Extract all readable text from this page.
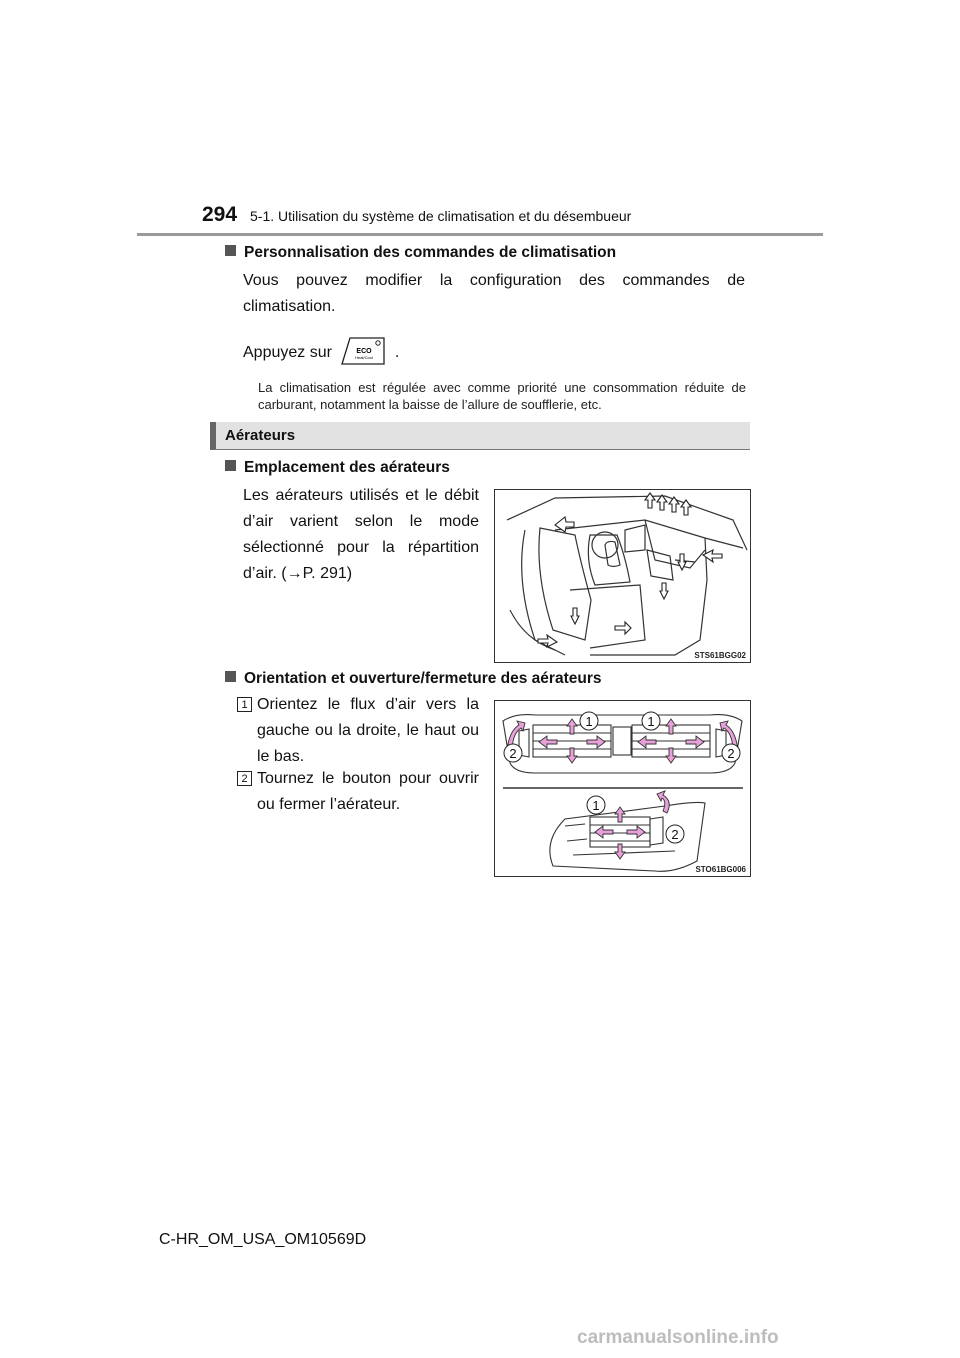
294 5-1. Utilisation du système de climatisation et du désembueur
Personnalisation des commandes de climatisation
Vous pouvez modifier la configuration des commandes de
climatisation.
Appuyez sur	ECO
Heat/Cool .
La climatisation est régulée avec comme priorité une consommation réduite de carburant, notamment la baisse de l’allure de soufflerie, etc.
Aérateurs
Emplacement des aérateurs
Les aérateurs utilisés et le débit d’air varient selon le mode sélectionné pour la répartition d’air. (→P. 291)
STS61BGG02
Orientation et ouverture/fermeture des aérateurs
1 Orientez le flux d’air vers la gauche ou la droite, le haut ou le bas.
2 Tournez le bouton pour ouvrir ou fermer l’aérateur.
1	1
2	2
1
2
STO61BG006
C-HR_OM_USA_OM10569D
carmanualsonline.info
